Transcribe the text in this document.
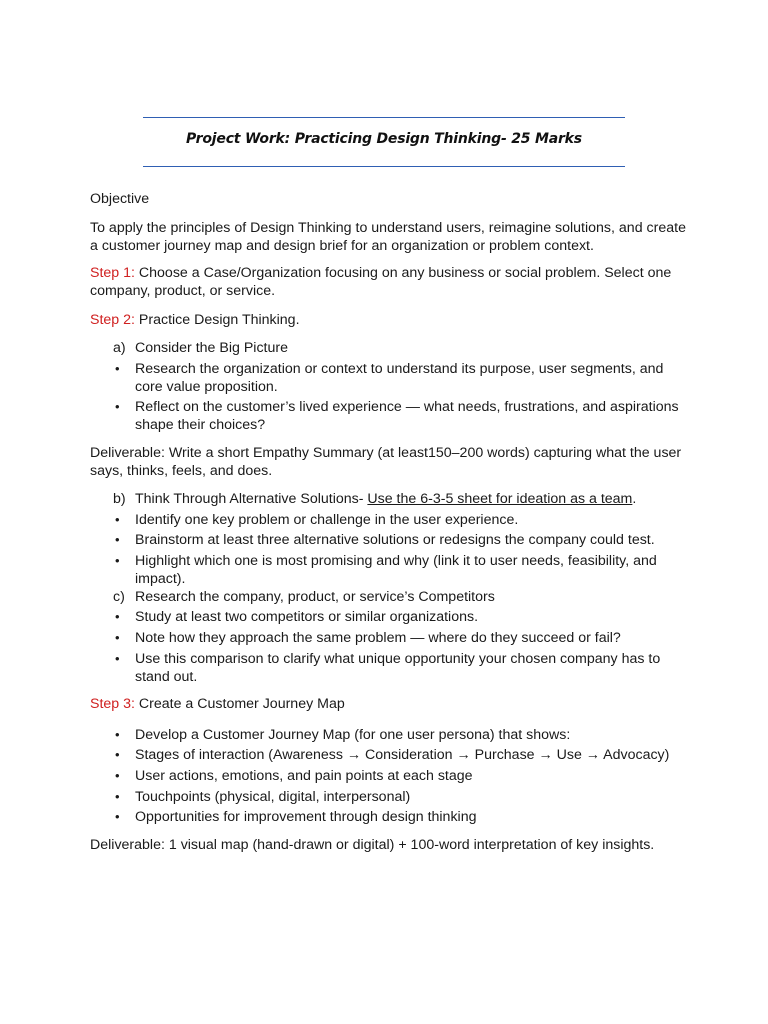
Project Work: Practicing Design Thinking- 25 Marks

Objective

To apply the principles of Design Thinking to understand users, reimagine solutions, and create a customer journey map and design brief for an organization or problem context.

Step 1: Choose a Case/Organization focusing on any business or social problem. Select one company, product, or service.

Step 2: Practice Design Thinking.

a) Consider the Big Picture
•	Research the organization or context to understand its purpose, user segments, and core value proposition.
•	Reflect on the customer’s lived experience — what needs, frustrations, and aspirations shape their choices?

Deliverable: Write a short Empathy Summary (at least150–200 words) capturing what the user says, thinks, feels, and does.

b) Think Through Alternative Solutions- Use the 6-3-5 sheet for ideation as a team.
•	Identify one key problem or challenge in the user experience.
•	Brainstorm at least three alternative solutions or redesigns the company could test.
•	Highlight which one is most promising and why (link it to user needs, feasibility, and impact).
c) Research the company, product, or service’s Competitors
•	Study at least two competitors or similar organizations.
•	Note how they approach the same problem — where do they succeed or fail?
•	Use this comparison to clarify what unique opportunity your chosen company has to stand out.

Step 3: Create a Customer Journey Map

•	Develop a Customer Journey Map (for one user persona) that shows:
•	Stages of interaction (Awareness → Consideration → Purchase → Use → Advocacy)
•	User actions, emotions, and pain points at each stage
•	Touchpoints (physical, digital, interpersonal)
•	Opportunities for improvement through design thinking

Deliverable: 1 visual map (hand-drawn or digital) + 100-word interpretation of key insights.
